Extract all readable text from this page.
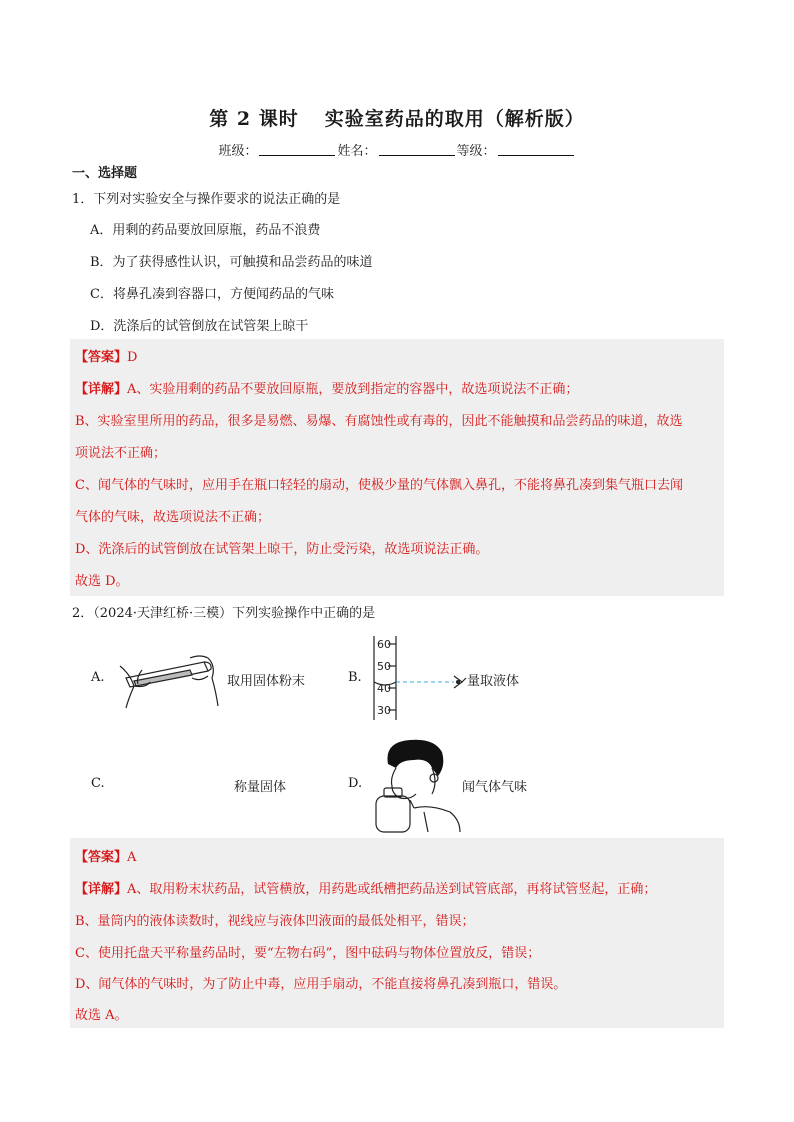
第 2 课时 实验室药品的取用（解析版）
班级：	姓名：	等级：
一、选择题
1．下列对实验安全与操作要求的说法正确的是
A．用剩的药品要放回原瓶，药品不浪费
B．为了获得感性认识，可触摸和品尝药品的味道
C．将鼻孔凑到容器口，方便闻药品的气味
D．洗涤后的试管倒放在试管架上晾干
【答案】D
【详解】A、实验用剩的药品不要放回原瓶，要放到指定的容器中，故选项说法不正确；
B、实验室里所用的药品，很多是易燃、易爆、有腐蚀性或有毒的，因此不能触摸和品尝药品的味道，故选
项说法不正确；
C、闻气体的气味时，应用手在瓶口轻轻的扇动，使极少量的气体飘入鼻孔，不能将鼻孔凑到集气瓶口去闻
气体的气味，故选项说法不正确；
D、洗涤后的试管倒放在试管架上晾干，防止受污染，故选项说法正确。
故选 D。
2．（2024·天津红桥·三模）下列实验操作中正确的是
A.	取用固体粉末	B.
60
50
40
30
量取液体
C.	称量固体	D.	闻气体气味
【答案】A
【详解】A、取用粉末状药品，试管横放，用药匙或纸槽把药品送到试管底部，再将试管竖起，正确；
B、量筒内的液体读数时，视线应与液体凹液面的最低处相平，错误；
C、使用托盘天平称量药品时，要“左物右码”，图中砝码与物体位置放反，错误；
D、闻气体的气味时，为了防止中毒，应用手扇动，不能直接将鼻孔凑到瓶口，错误。
故选 A。
